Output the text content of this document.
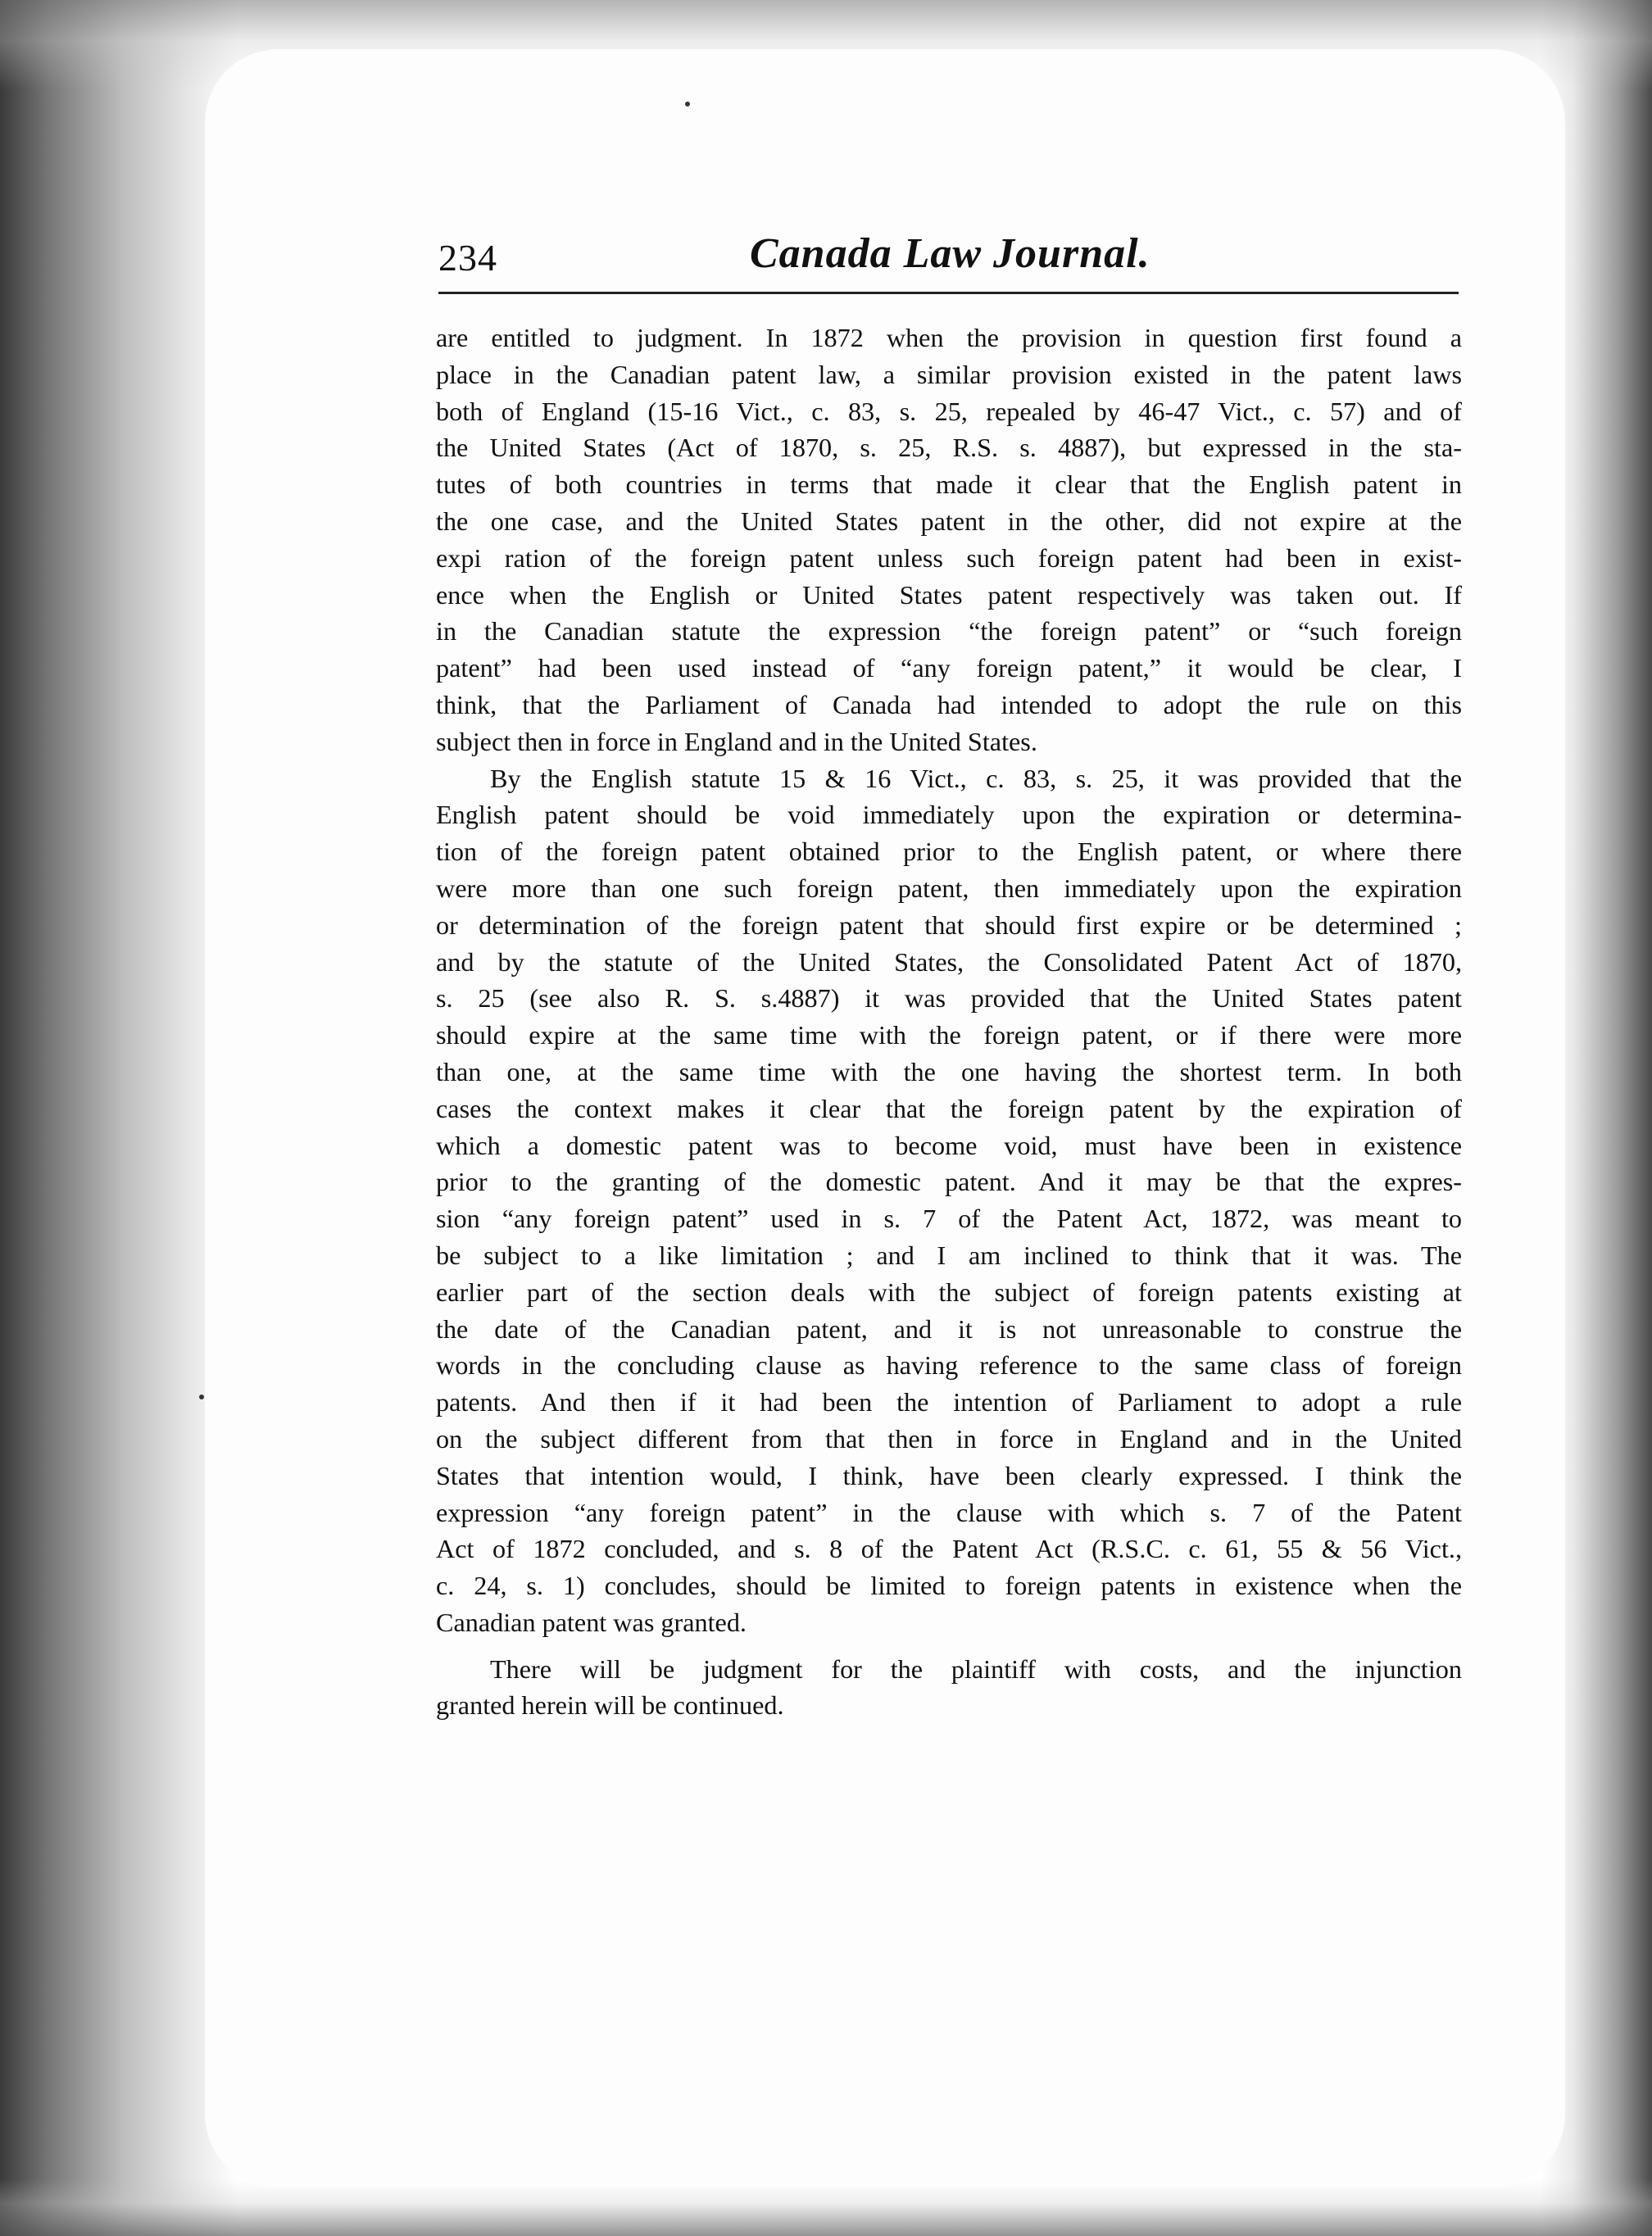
234	Canada Law Journal.
are entitled to judgment. In 1872 when the provision in question first found a
place in the Canadian patent law, a similar provision existed in the patent laws
both of England (15-16 Vict., c. 83, s. 25, repealed by 46-47 Vict., c. 57) and of
the United States (Act of 1870, s. 25, R.S. s. 4887), but expressed in the sta-
tutes of both countries in terms that made it clear that the English patent in
the one case, and the United States patent in the other, did not expire at the
expi ration of the foreign patent unless such foreign patent had been in exist-
ence when the English or United States patent respectively was taken out. If
in the Canadian statute the expression “the foreign patent” or “such foreign
patent” had been used instead of “any foreign patent,” it would be clear, I
think, that the Parliament of Canada had intended to adopt the rule on this
subject then in force in England and in the United States.
By the English statute 15 & 16 Vict., c. 83, s. 25, it was provided that the
English patent should be void immediately upon the expiration or determina-
tion of the foreign patent obtained prior to the English patent, or where there
were more than one such foreign patent, then immediately upon the expiration
or determination of the foreign patent that should first expire or be determined ;
and by the statute of the United States, the Consolidated Patent Act of 1870,
s. 25 (see also R. S. s.4887) it was provided that the United States patent
should expire at the same time with the foreign patent, or if there were more
than one, at the same time with the one having the shortest term. In both
cases the context makes it clear that the foreign patent by the expiration of
which a domestic patent was to become void, must have been in existence
prior to the granting of the domestic patent. And it may be that the expres-
sion “any foreign patent” used in s. 7 of the Patent Act, 1872, was meant to
be subject to a like limitation ; and I am inclined to think that it was. The
earlier part of the section deals with the subject of foreign patents existing at
the date of the Canadian patent, and it is not unreasonable to construe the
words in the concluding clause as having reference to the same class of foreign
patents. And then if it had been the intention of Parliament to adopt a rule
on the subject different from that then in force in England and in the United
States that intention would, I think, have been clearly expressed. I think the
expression “any foreign patent” in the clause with which s. 7 of the Patent
Act of 1872 concluded, and s. 8 of the Patent Act (R.S.C. c. 61, 55 & 56 Vict.,
c. 24, s. 1) concludes, should be limited to foreign patents in existence when the
Canadian patent was granted.
There will be judgment for the plaintiff with costs, and the injunction
granted herein will be continued.
